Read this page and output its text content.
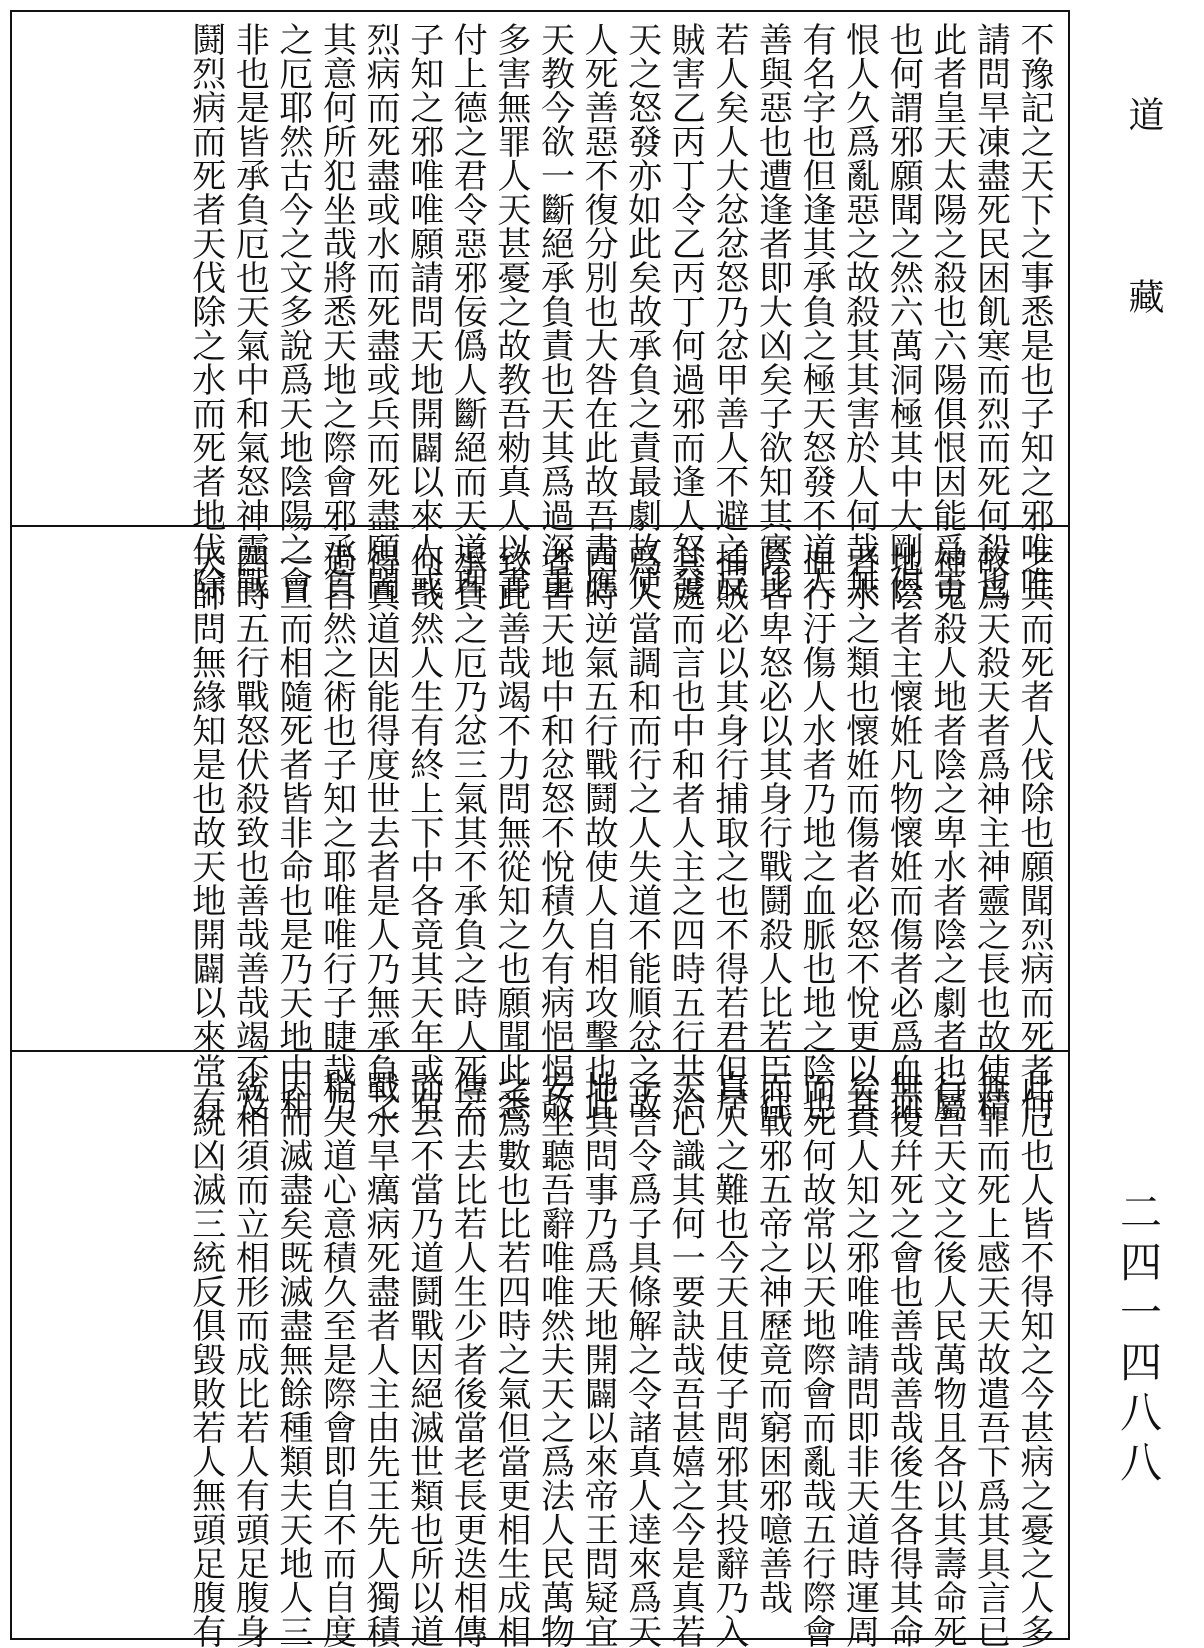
不豫記之天下之事悉是也子知之邪唯唯
請問旱凍盡死民困飢寒而烈而死何殺也
此者皇天太陽之殺也六陽俱恨因能爲害
也何謂邪願聞之然六萬洞極其中大剛俱
恨人久爲亂惡之故殺其其害於人何哉無
有名字也但逢其承負之極天怒發不道人
善與惡也遭逢者即大凶矣子欲知其實比
若人矣人大忿忿怒乃忿甲善人不避之反
賊害乙丙丁令乙丙丁何過邪而逢人怒發
天之怒發亦如此矣故承負之責最劇故使
人死善惡不復分別也大咎在此故吾書應
天教今欲一斷絕承負責也天其爲過深重
多害無罪人天甚憂之故教吾勑真人以書
付上德之君令惡邪佞僞人斷絕而天道理
子知之邪唯唯願請問天地開闢以來人或
烈病而死盡或水而死盡或兵而死盡願聞
其意何所犯坐哉將悉天地之際會邪承負
之厄耶然古今之文多說爲天地陰陽之會
非也是皆承負厄也天氣中和氣怒神靈戰
鬪烈病而死者天伐除之水而死者地伐除
之兵而死者人伐除也願聞烈病而死者何
故爲天殺天者爲神主神靈之長也故使精
神鬼殺人地者陰之卑水者陰之劇者也屬
地陰者主懷姙凡物懷姙而傷者必爲血血
者水之類也懷姙而傷者必怒不悅更以其
血行汙傷人水者乃地之血脈也地之陰也
陰者卑怒必以其身行戰鬪殺人比若臣往
捕賊必以其身行捕取之也不得若君但居
其處而言也中和者人主之四時五行共治
爲人當調和而行之人失道不能順忿之故
四時逆氣五行戰鬪故使人自相攻擊也此
者皆天地中和忿怒不悅積久有病悒悒故
致此善哉竭不力問無從知之也願聞此悉
承負之厄乃忿三氣其不承負之時人死云
何哉然人生有終上下中各竟其天年或有
得真道因能得度世去者是人乃無承負之
過自然之術也子知之耶唯唯行子睫哉乃
一旦而相隨死者皆非命也是乃天地中和
四時五行戰怒伏殺致也善哉善哉竭不及
天師問無緣知是也故天地開闢以來常有
此厄也人皆不得知之今甚病之憂之人多
無罪而死上感天天故遣吾下爲其具言已
行吾天文之後人民萬物且各以其壽命死
無復幷死之會也善哉善哉後生各得其命
矣真人知之邪唯唯請問即非天道時運周
而死何故常以天地際會而亂哉五行際會
而戰邪五帝之神歷竟而窮困邪噫善哉
真人之難也今天且使子問邪其投辭乃入
天心識其何一要訣哉吾甚嬉之今是真若
子言令爲子具條解之令諸真人逹來爲天
地具問事乃爲天地開闢以來帝王問疑宜
安坐聽吾辭唯唯然夫天之爲法人民萬物
之爲數也比若四時之氣但當更相生成相
傳而去比若人生少者後當老長更迭相傳
而去不當乃道鬪戰因絕滅世類也所以道
戰水旱癘病死盡者人主由先王先人獨積
稍失道心意積久至是際會即自不而自度
因而滅盡矣既滅盡無餘種類夫天地人三
統相須而立相形而成比若人有頭足腹身
一統凶滅三統反俱毀敗若人無頭足腹有
道
藏
二四一四八八
